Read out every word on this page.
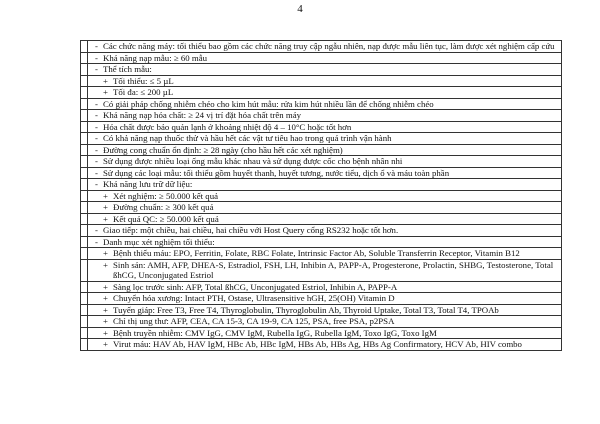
4

	- Các chức năng máy: tối thiểu bao gồm các chức năng truy cập ngẫu nhiên, nạp được mẫu liên tục, làm được xét nghiệm cấp cứu

	- Khả năng nạp mẫu: ≥ 60 mẫu

	- Thể tích mẫu:

	+ Tối thiểu: ≤ 5 µL

	+ Tối đa: ≤ 200 µL

	- Có giải pháp chống nhiễm chéo cho kim hút mẫu: rửa kim hút nhiều lần để chống nhiễm chéo

	- Khả năng nạp hóa chất: ≥ 24 vị trí đặt hóa chất trên máy

	- Hóa chất được bảo quản lạnh ở khoảng nhiệt độ 4 – 10°C hoặc tốt hơn

	- Có khả năng nạp thuốc thử và hầu hết các vật tư tiêu hao trong quá trình vận hành

	- Đường cong chuẩn ổn định: ≥ 28 ngày (cho hầu hết các xét nghiệm)

	- Sử dụng được nhiều loại ống mẫu khác nhau và sử dụng được cốc cho bệnh nhân nhi

	- Sử dụng các loại mẫu: tối thiểu gồm huyết thanh, huyết tương, nước tiểu, dịch ổ và máu toàn phần

	- Khả năng lưu trữ dữ liệu:

	+ Xét nghiệm: ≥ 50.000 kết quả

	+ Đường chuẩn: ≥ 300 kết quả

	+ Kết quả QC: ≥ 50.000 kết quả

	- Giao tiếp: một chiều, hai chiều, hai chiều với Host Query cổng RS232 hoặc tốt hơn.

	- Danh mục xét nghiệm tối thiểu:

	+ Bệnh thiếu máu: EPO, Ferritin, Folate, RBC Folate, Intrinsic Factor Ab, Soluble Transferrin Receptor, Vitamin B12

	+ Sinh sản: AMH, AFP, DHEA-S, Estradiol, FSH, LH, Inhibin A, PAPP-A, Progesterone, Prolactin, SHBG, Testosterone, Total ßhCG, Unconjugated Estriol

	+ Sàng lọc trước sinh: AFP, Total ßhCG, Unconjugated Estriol, Inhibin A, PAPP-A

	+ Chuyển hóa xương: Intact PTH, Ostase, Ultrasensitive hGH, 25(OH) Vitamin D

	+ Tuyến giáp: Free T3, Free T4, Thyroglobulin, Thyroglobulin Ab, Thyroid Uptake, Total T3, Total T4, TPOAb

	+ Chỉ thị ung thư: AFP, CEA, CA 15-3, CA 19-9, CA 125, PSA, free PSA, p2PSA

	+ Bệnh truyền nhiễm: CMV IgG, CMV IgM, Rubella IgG, Rubella IgM, Toxo IgG, Toxo IgM

	+ Virut máu: HAV Ab, HAV IgM, HBc Ab, HBc IgM, HBs Ab, HBs Ag, HBs Ag Confirmatory, HCV Ab, HIV combo
